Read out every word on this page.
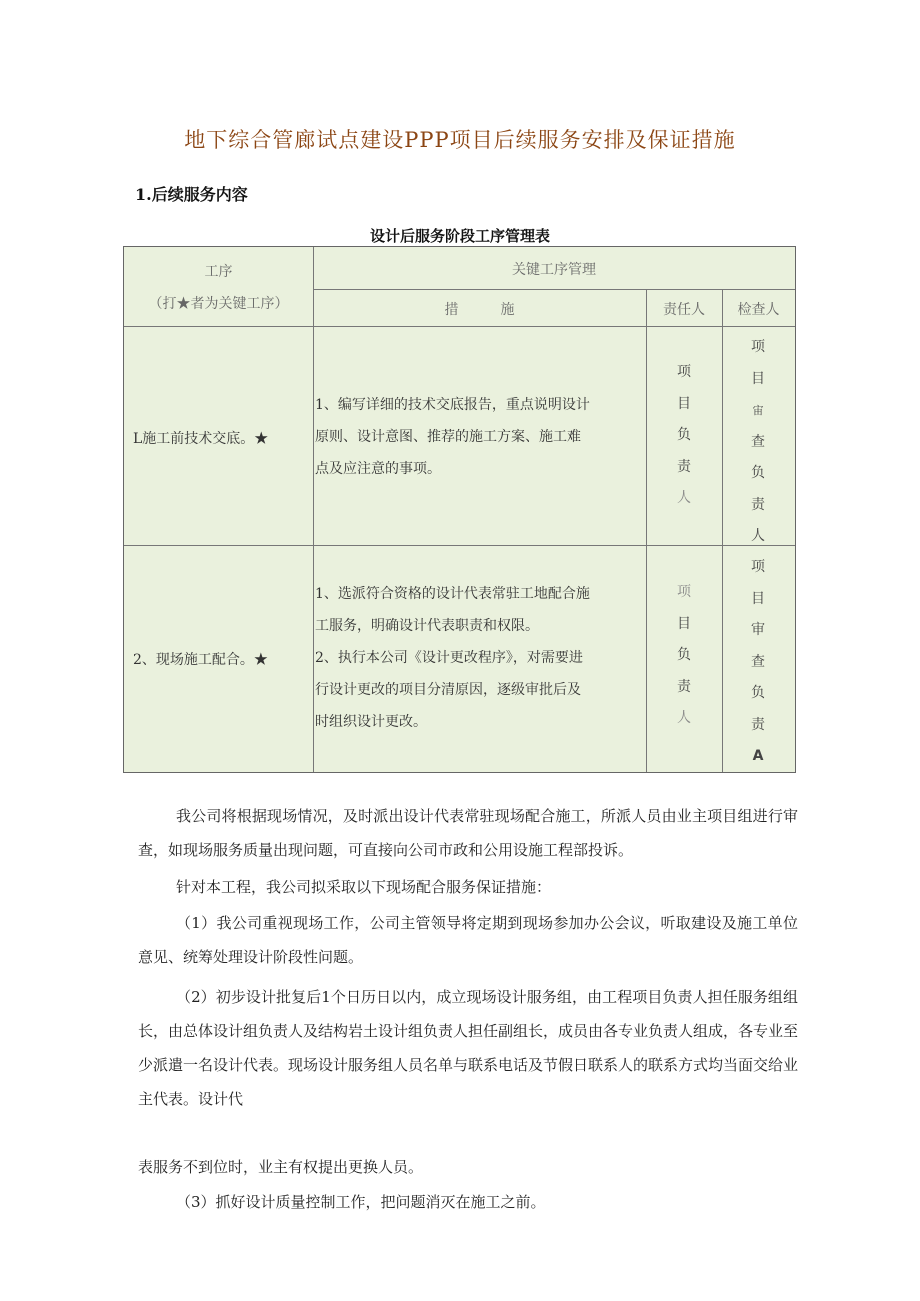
地下综合管廊试点建设PPP项目后续服务安排及保证措施
1.后续服务内容
设计后服务阶段工序管理表
工序
（打★者为关键工序）
关键工序管理
措　　　施	责任人	检查人
L施工前技术交底。★
1、编写详细的技术交底报告，重点说明设计
原则、设计意图、推荐的施工方案、施工难
点及应注意的事项。
项
目
负
责
人
项
目
宙
查
负
责
人
2、现场施工配合。★
1、选派符合资格的设计代表常驻工地配合施
工服务，明确设计代表职责和权限。
2、执行本公司《设计更改程序》，对需要进
行设计更改的项目分清原因，逐级审批后及
时组织设计更改。
项
目
负
责
人
项
目
审
查
负
责
A
我公司将根据现场情况，及时派出设计代表常驻现场配合施工，所派人员由业主项目组进行审查，如现场服务质量出现问题，可直接向公司市政和公用设施工程部投诉。
针对本工程，我公司拟采取以下现场配合服务保证措施：
（1）我公司重视现场工作，公司主管领导将定期到现场参加办公会议，听取建设及施工单位意见、统筹处理设计阶段性问题。
（2）初步设计批复后1个日历日以内，成立现场设计服务组，由工程项目负责人担任服务组组长，由总体设计组负责人及结构岩土设计组负责人担任副组长，成员由各专业负责人组成，各专业至少派遣一名设计代表。现场设计服务组人员名单与联系电话及节假日联系人的联系方式均当面交给业主代表。设计代
表服务不到位时，业主有权提出更换人员。
（3）抓好设计质量控制工作，把问题消灭在施工之前。
